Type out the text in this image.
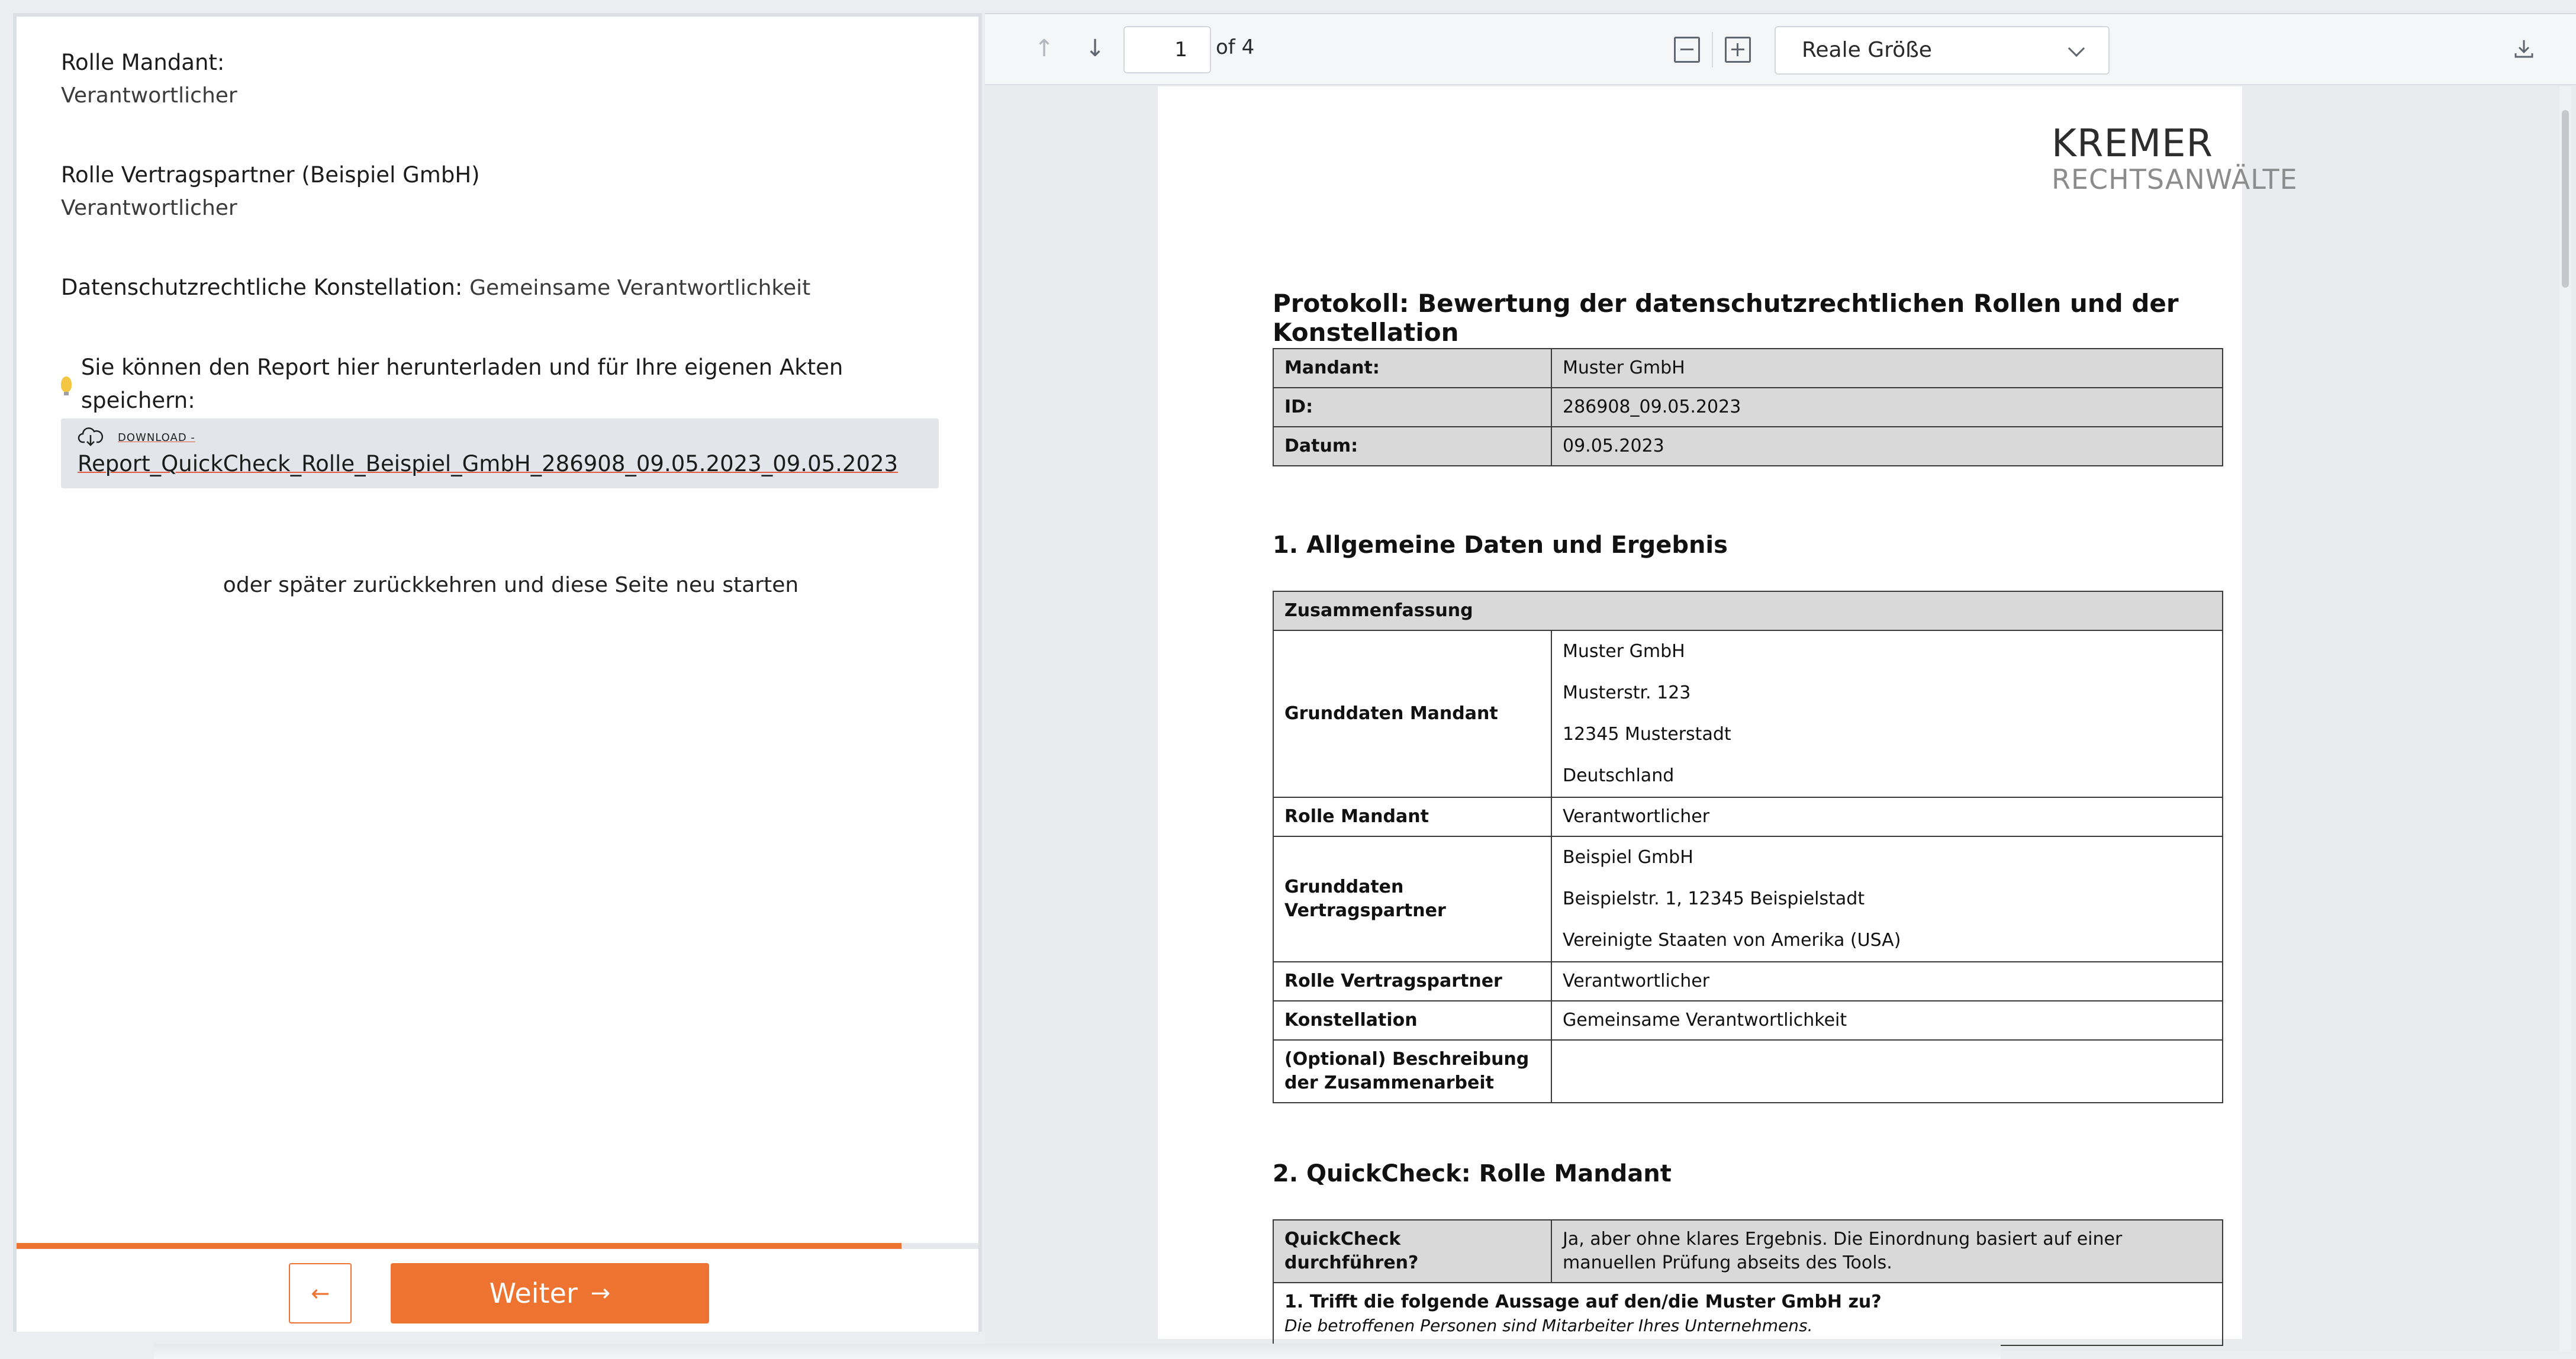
Rolle Mandant:
Verantwortlicher
Rolle Vertragspartner (Beispiel GmbH)
Verantwortlicher
Datenschutzrechtliche Konstellation: Gemeinsame Verantwortlichkeit
Sie können den Report hier herunterladen und für Ihre eigenen Akten speichern:
DOWNLOAD -
Report_QuickCheck_Rolle_Beispiel_GmbH_286908_09.05.2023_09.05.2023
oder später zurückkehren und diese Seite neu starten
←	Weiter →
↑ ↓	1	of 4	Reale Größe
KREMER
RECHTSANWÄLTE
Protokoll: Bewertung der datenschutzrechtlichen Rollen und der Konstellation
Mandant:	Muster GmbH
ID:	286908_09.05.2023
Datum:	09.05.2023
1. Allgemeine Daten und Ergebnis
Zusammenfassung	
Grunddaten Mandant	Muster GmbH
Musterstr. 123
12345 Musterstadt
Deutschland

Rolle Mandant	Verantwortlicher
Grunddaten Vertragspartner	Beispiel GmbH
Beispielstr. 1, 12345 Beispielstadt
Vereinigte Staaten von Amerika (USA)

Rolle Vertragspartner	Verantwortlicher
Konstellation	Gemeinsame Verantwortlichkeit
(Optional) Beschreibung der Zusammenarbeit	
2. QuickCheck: Rolle Mandant
QuickCheck durchführen?	Ja, aber ohne klares Ergebnis. Die Einordnung basiert auf einer manuellen Prüfung abseits des Tools.

1. Trifft die folgende Aussage auf den/die Muster GmbH zu?
Die betroffenen Personen sind Mitarbeiter Ihres Unternehmens.
